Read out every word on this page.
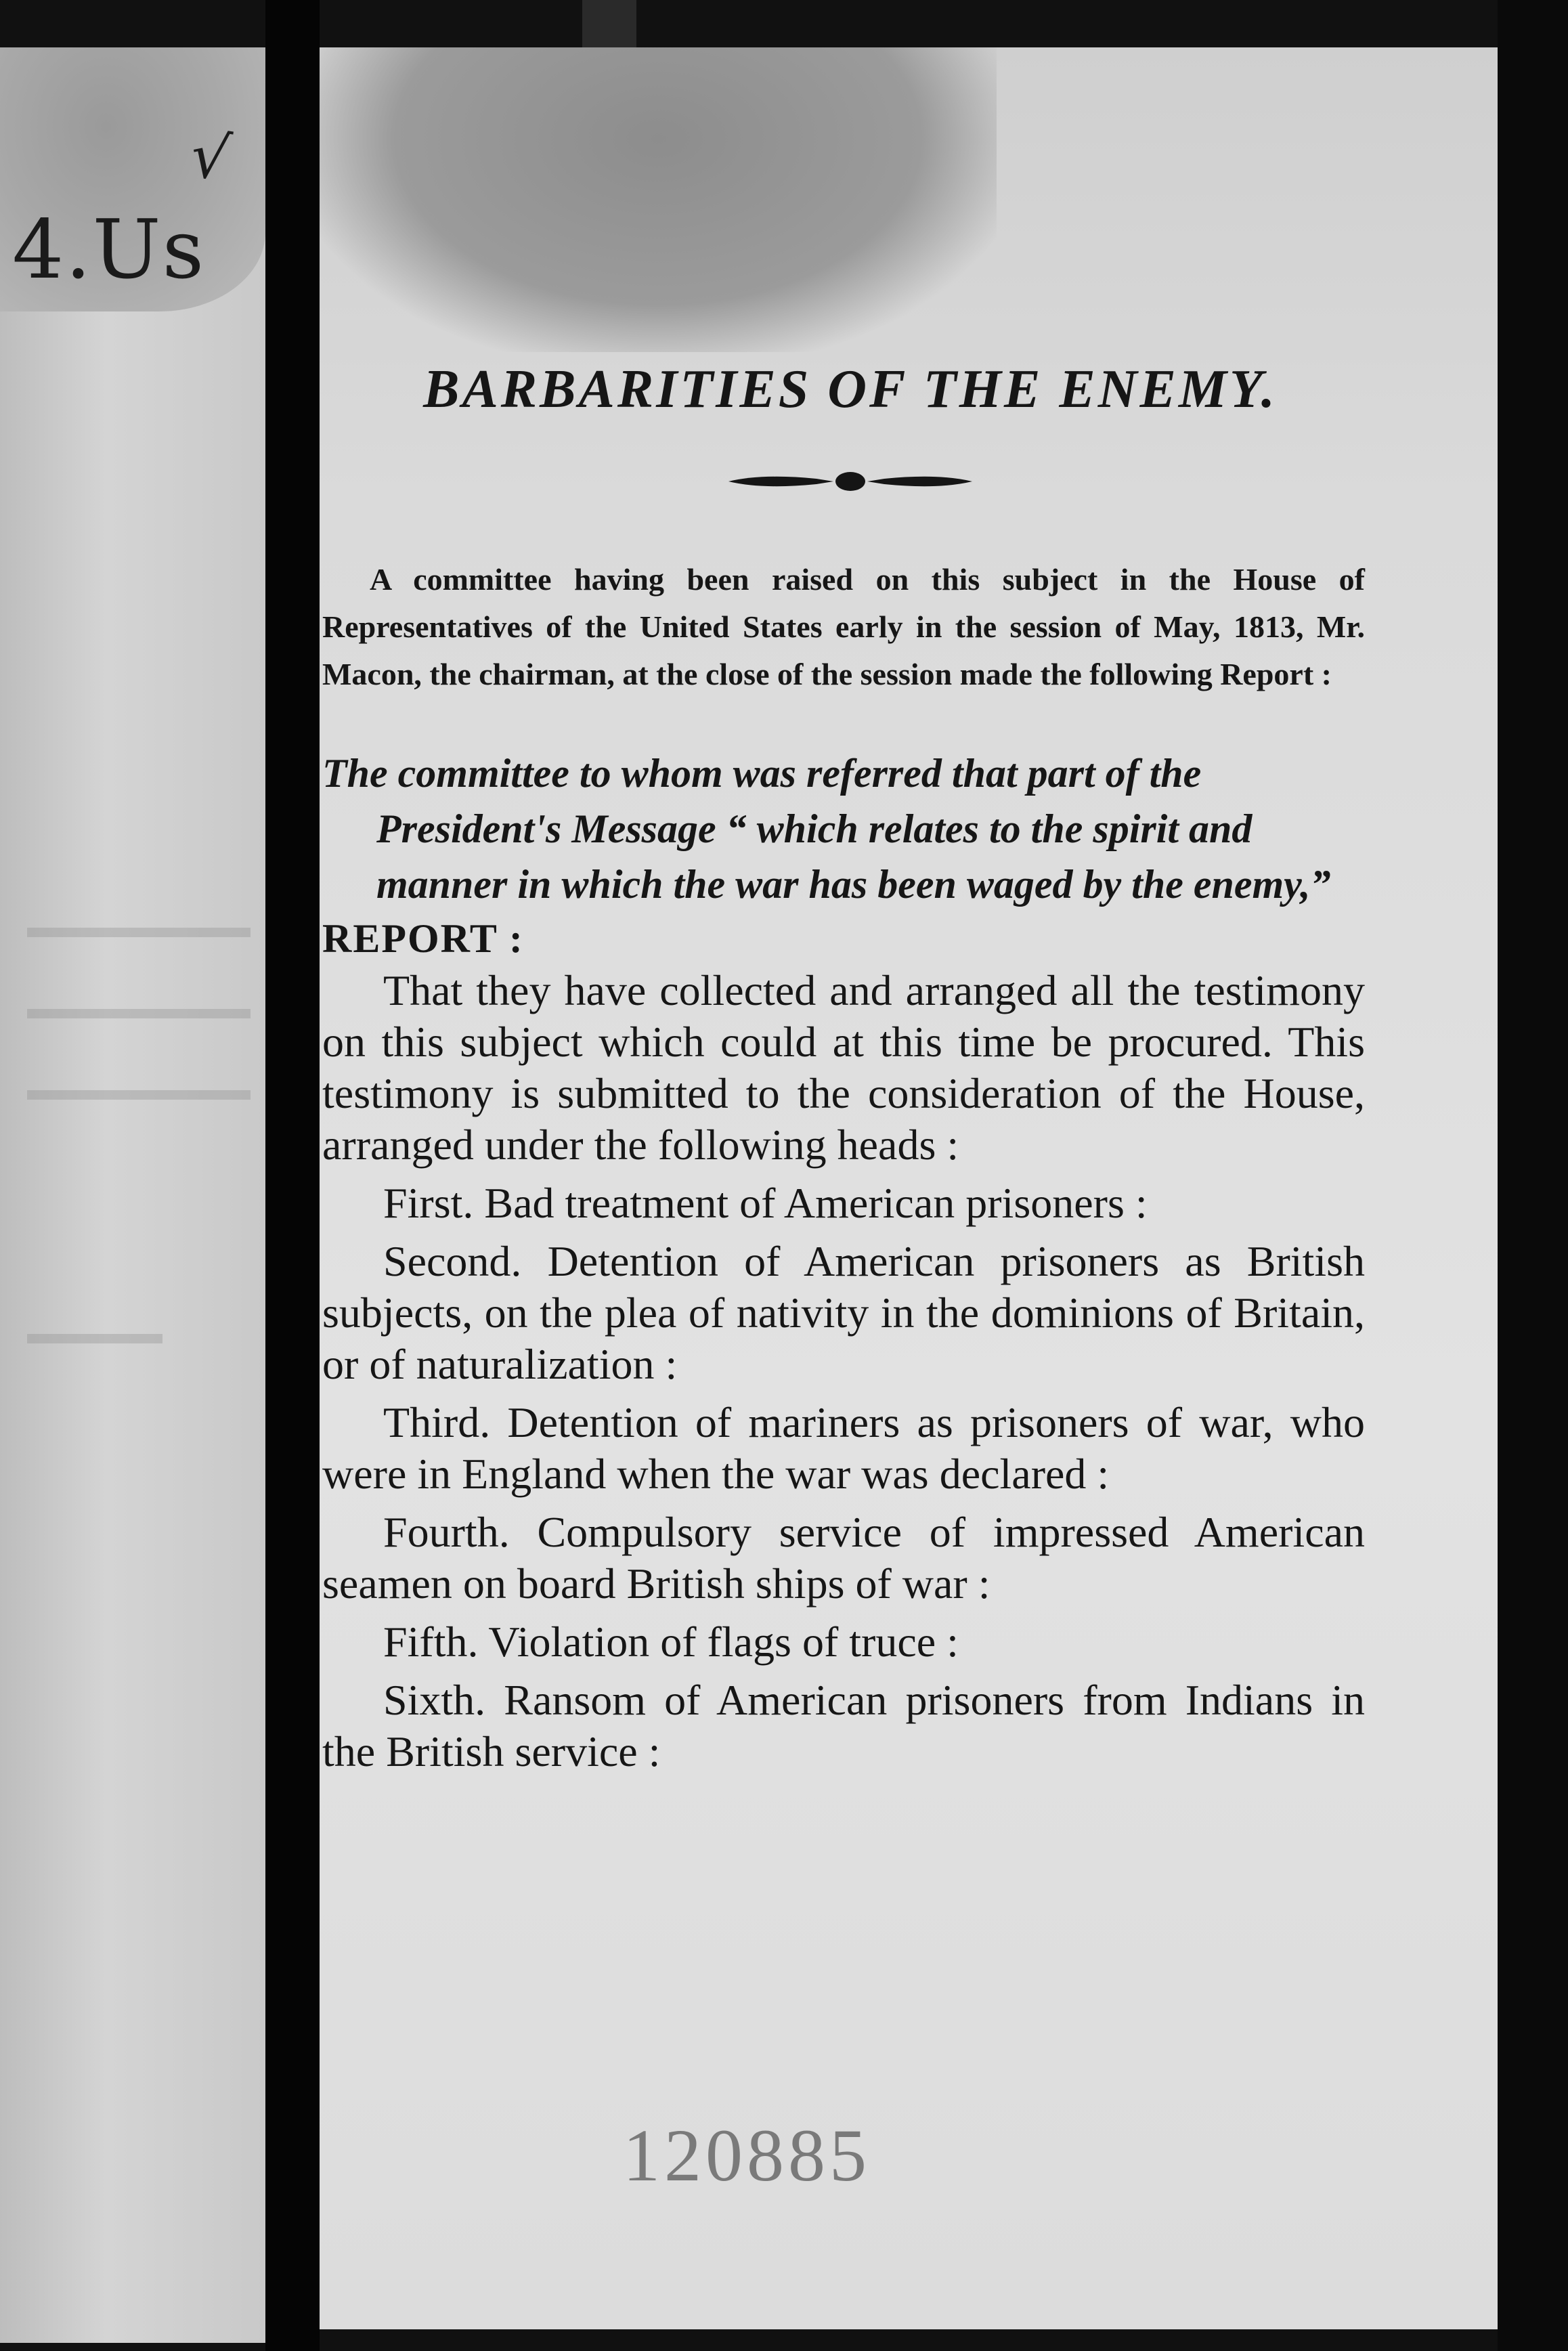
√
4.Us
BARBARITIES OF THE ENEMY.

A committee having been raised on this subject in the House of Representatives of the United States early in the session of May, 1813, Mr. Macon, the chairman, at the close of the session made the following Report :

The committee to whom was referred that part of the President's Message “ which relates to the spirit and manner in which the war has been waged by the enemy,”

REPORT :

That they have collected and arranged all the testimony on this subject which could at this time be procured. This testimony is submitted to the consideration of the House, arranged under the following heads :

First. Bad treatment of American prisoners :

Second. Detention of American prisoners as British subjects, on the plea of nativity in the dominions of Britain, or of naturalization :

Third. Detention of mariners as prisoners of war, who were in England when the war was declared :

Fourth. Compulsory service of impressed American seamen on board British ships of war :

Fifth. Violation of flags of truce :

Sixth. Ransom of American prisoners from Indians in the British service :

120885
